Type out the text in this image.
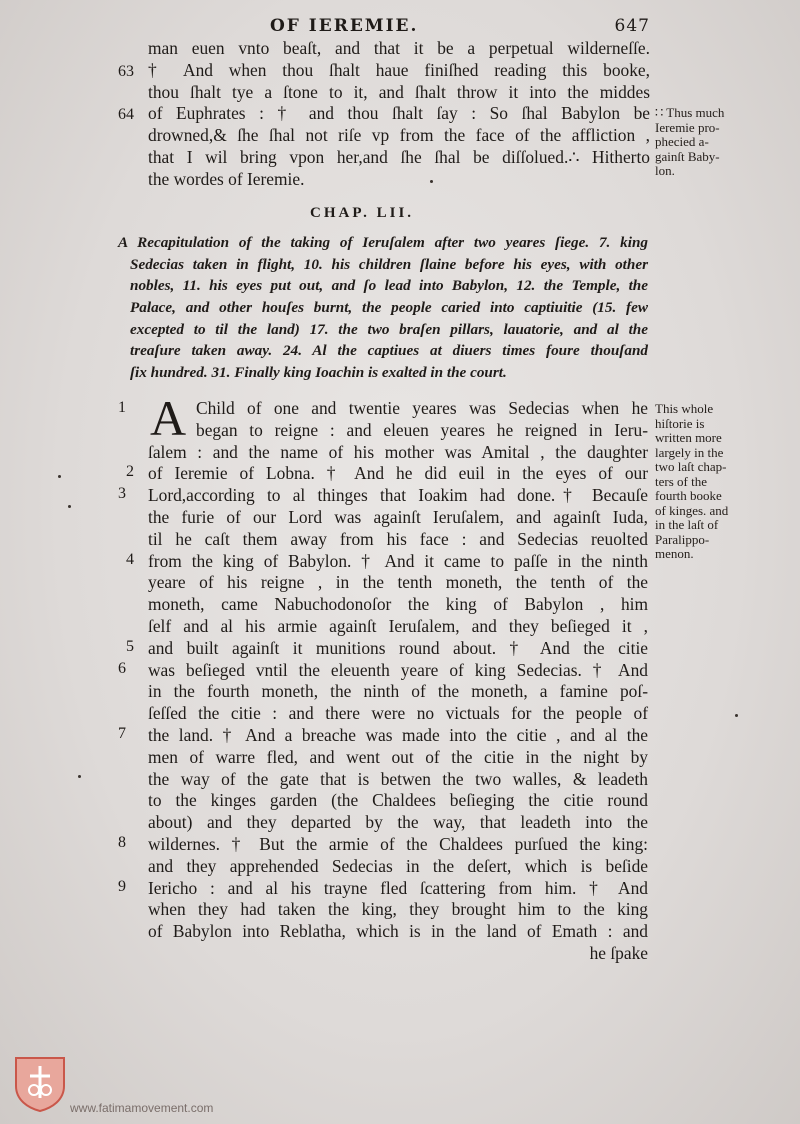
OF IEREMIE.	647
63
64
man euen vnto beaſt, and that it be a perpetual wilderneſſe.
† And when thou ſhalt haue finiſhed reading this booke,
thou ſhalt tye a ſtone to it, and ſhalt throw it into the middes
of Euphrates : † and thou ſhalt ſay : So ſhal Babylon be
drowned,& ſhe ſhal not riſe vp from the face of the affliction ,
that I wil bring vpon her,and ſhe ſhal be diſſolued.∴ Hitherto
the wordes of Ieremie.
∷ Thus much
Ieremie pro-
phecied a-
gainſt Baby-
lon.
CHAP. LII.
A Recapitulation of the taking of Ieruſalem after two yeares ſiege. 7. king
Sedecias taken in flight, 10. his children ſlaine before his eyes, with other
nobles, 11. his eyes put out, and ſo lead into Babylon, 12. the Temple, the
Palace, and other houſes burnt, the people caried into captiuitie (15. few
excepted to til the land) 17. the two braſen pillars, lauatorie, and al the
treaſure taken away. 24. Al the captiues at diuers times foure thouſand
ſix hundred. 31. Finally king Ioachin is exalted in the court.
A
1
2
3
4
5
6
7
8
9
Child of one and twentie yeares was Sedecias when he
began to reigne : and eleuen yeares he reigned in Ieru-
ſalem : and the name of his mother was Amital , the daughter
of Ieremie of Lobna. † And he did euil in the eyes of our
Lord,according to al thinges that Ioakim had done.† Becauſe
the furie of our Lord was againſt Ieruſalem, and againſt Iuda,
til he caſt them away from his face : and Sedecias reuolted
from the king of Babylon. † And it came to paſſe in the ninth
yeare of his reigne , in the tenth moneth, the tenth of the
moneth, came Nabuchodonoſor the king of Babylon , him
ſelf and al his armie againſt Ieruſalem, and they beſieged it ,
and built againſt it munitions round about. † And the citie
was beſieged vntil the eleuenth yeare of king Sedecias. † And
in the fourth moneth, the ninth of the moneth, a famine poſ-
ſeſſed the citie : and there were no victuals for the people of
the land. † And a breache was made into the citie , and al the
men of warre fled, and went out of the citie in the night by
the way of the gate that is betwen the two walles, & leadeth
to the kinges garden (the Chaldees beſieging the citie round
about) and they departed by the way, that leadeth into the
wildernes. † But the armie of the Chaldees purſued the king:
and they apprehended Sedecias in the deſert, which is beſide
Iericho : and al his trayne fled ſcattering from him. † And
when they had taken the king, they brought him to the king
of Babylon into Reblatha, which is in the land of Emath : and
he ſpake
This whole
hiſtorie is
written more
largely in the
two laſt chap-
ters of the
fourth booke
of kinges. and
in the laſt of
Paralippo-
menon.
www.fatimamovement.com
